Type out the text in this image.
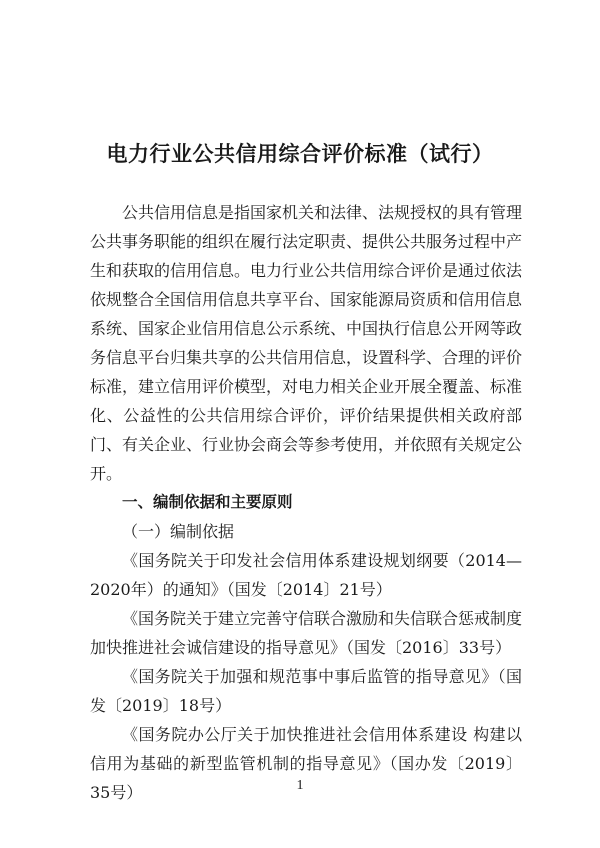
电力行业公共信用综合评价标准（试行）

公共信用信息是指国家机关和法律、法规授权的具有管理公共事务职能的组织在履行法定职责、提供公共服务过程中产生和获取的信用信息。电力行业公共信用综合评价是通过依法依规整合全国信用信息共享平台、国家能源局资质和信用信息系统、国家企业信用信息公示系统、中国执行信息公开网等政务信息平台归集共享的公共信用信息，设置科学、合理的评价标准，建立信用评价模型，对电力相关企业开展全覆盖、标准化、公益性的公共信用综合评价，评价结果提供相关政府部门、有关企业、行业协会商会等参考使用，并依照有关规定公开。

一、编制依据和主要原则

（一）编制依据

《国务院关于印发社会信用体系建设规划纲要（2014—2020年）的通知》（国发〔2014〕21号）

《国务院关于建立完善守信联合激励和失信联合惩戒制度加快推进社会诚信建设的指导意见》（国发〔2016〕33号）

《国务院关于加强和规范事中事后监管的指导意见》（国发〔2019〕18号）

《国务院办公厅关于加快推进社会信用体系建设 构建以信用为基础的新型监管机制的指导意见》（国办发〔2019〕35号）	1
